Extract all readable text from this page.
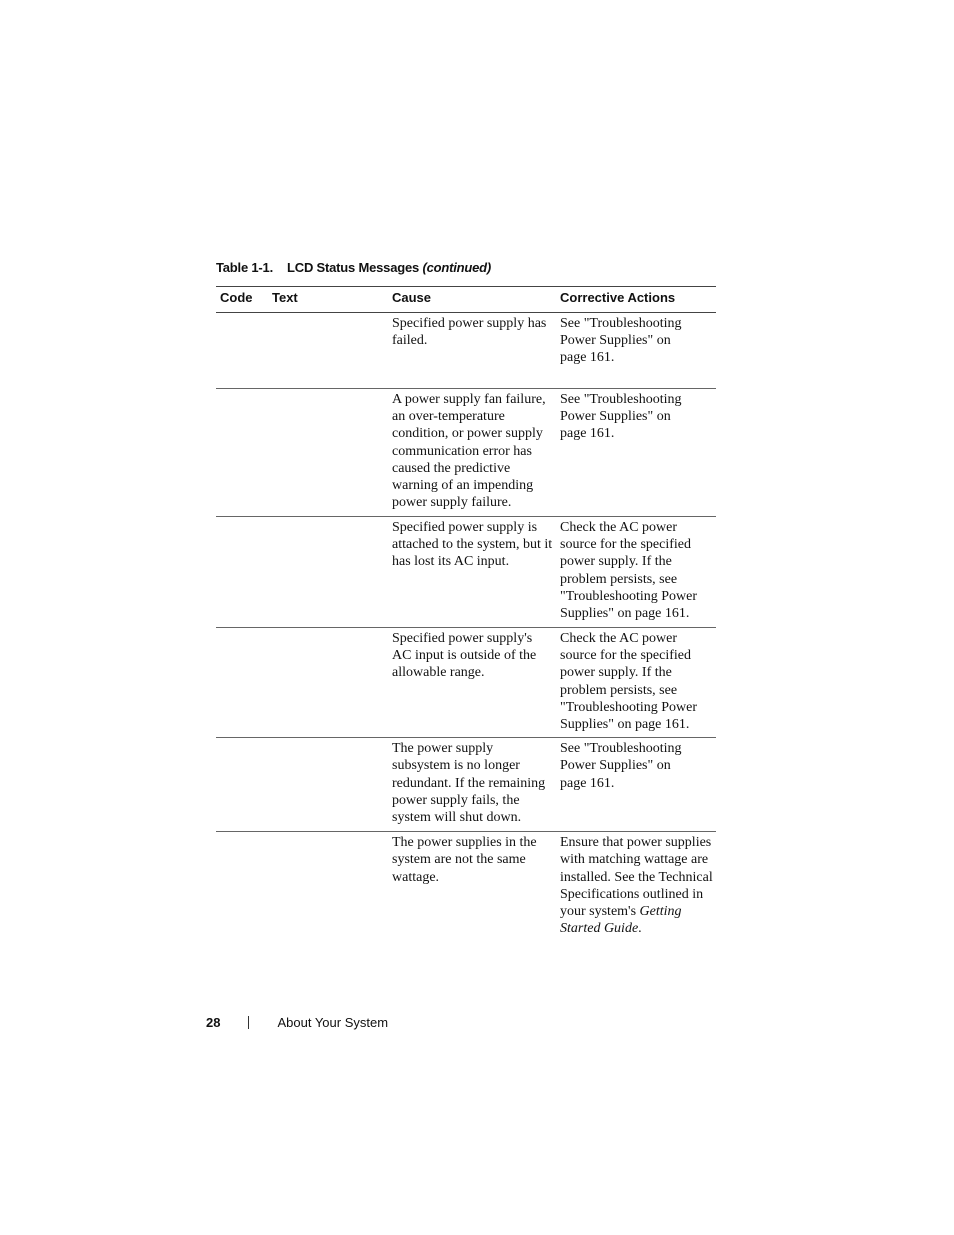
Table 1-1. LCD Status Messages (continued)
Code	Text	Cause	Corrective Actions
		Specified power supply has failed.	See "Troubleshooting
Power Supplies" on
page 161.
		A power supply fan failure, an over-temperature condition, or power supply communication error has caused the predictive warning of an impending power supply failure.	See "Troubleshooting
Power Supplies" on
page 161.
		Specified power supply is attached to the system, but it has lost its AC input.	Check the AC power source for the specified power supply. If the problem persists, see "Troubleshooting Power Supplies" on page 161.
		Specified power supply's AC input is outside of the allowable range.	Check the AC power source for the specified power supply. If the problem persists, see "Troubleshooting Power Supplies" on page 161.
		The power supply subsystem is no longer redundant. If the remaining power supply fails, the system will shut down.	See "Troubleshooting
Power Supplies" on
page 161.
		The power supplies in the system are not the same wattage.	Ensure that power supplies with matching wattage are installed. See the Technical Specifications outlined in your system's Getting Started Guide.
28	About Your System
